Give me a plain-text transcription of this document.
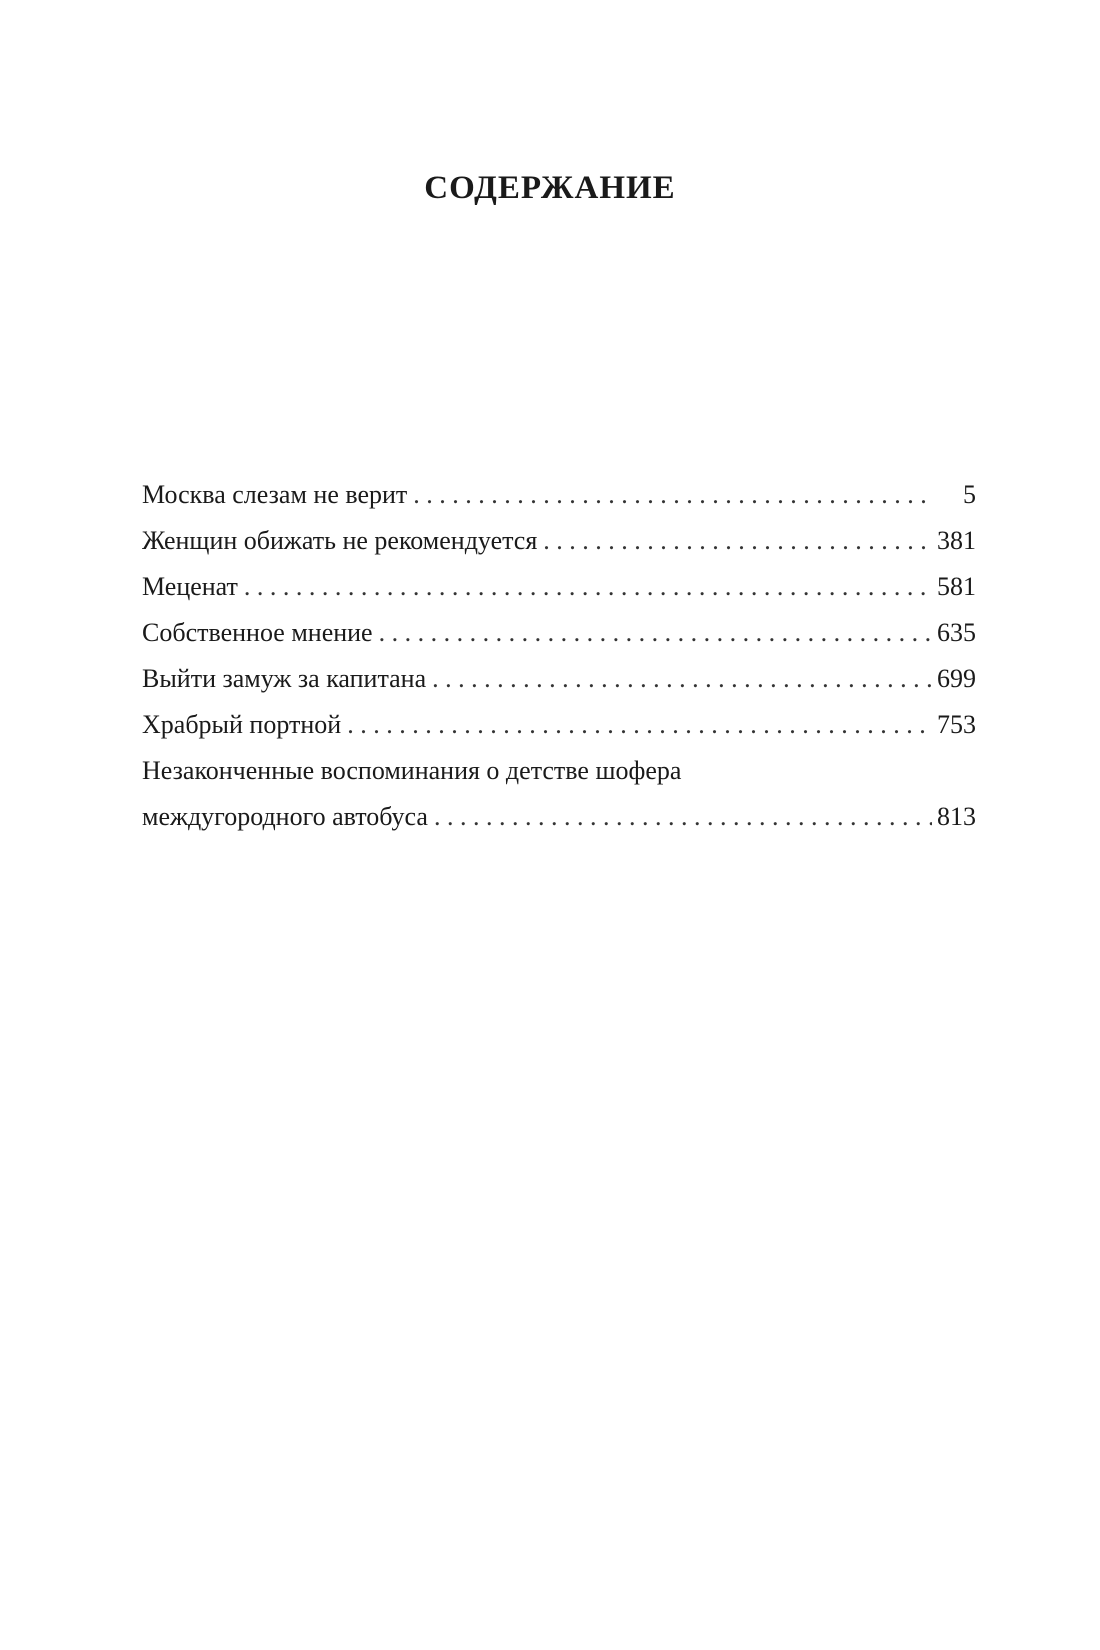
СОДЕРЖАНИЕ
Москва слезам не верит . . .	5
Женщин обижать не рекомендуется . . .	381
Меценат . . .	581
Собственное мнение . . .	635
Выйти замуж за капитана . . .	699
Храбрый портной . . .	753
Незаконченные воспоминания о детстве шофера
междугородного автобуса . . .	813
